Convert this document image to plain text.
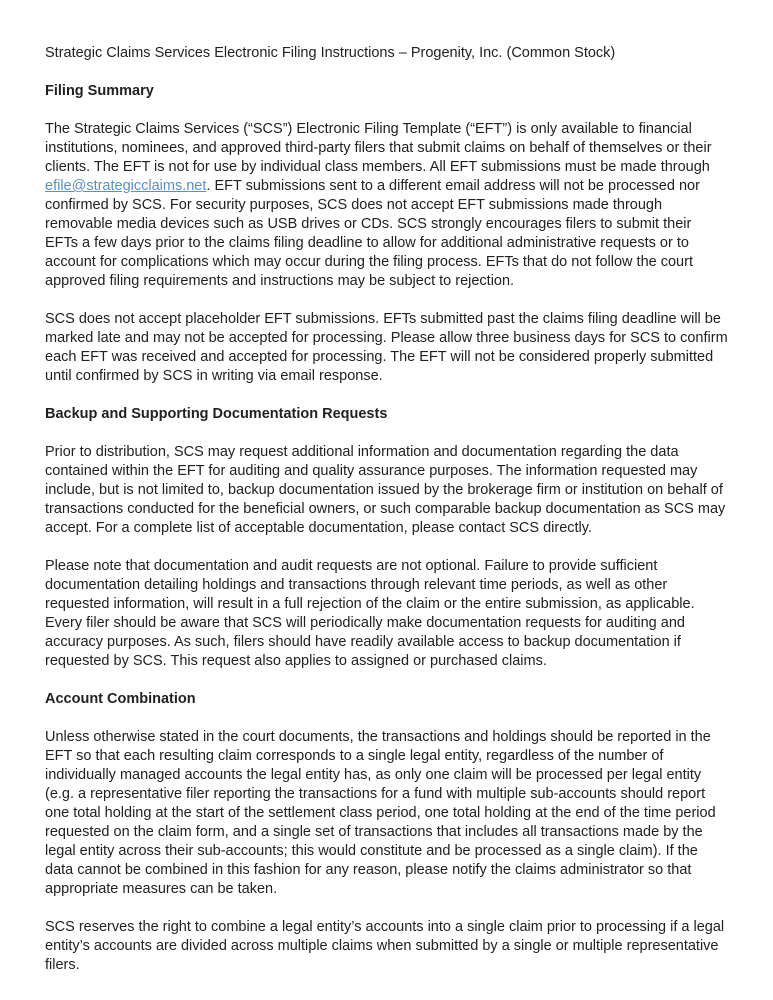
Strategic Claims Services Electronic Filing Instructions – Progenity, Inc. (Common Stock)

Filing Summary

The Strategic Claims Services (“SCS”) Electronic Filing Template (“EFT”) is only available to financial institutions, nominees, and approved third-party filers that submit claims on behalf of themselves or their clients. The EFT is not for use by individual class members. All EFT submissions must be made through efile@strategicclaims.net. EFT submissions sent to a different email address will not be processed nor confirmed by SCS. For security purposes, SCS does not accept EFT submissions made through removable media devices such as USB drives or CDs. SCS strongly encourages filers to submit their EFTs a few days prior to the claims filing deadline to allow for additional administrative requests or to account for complications which may occur during the filing process. EFTs that do not follow the court approved filing requirements and instructions may be subject to rejection.

SCS does not accept placeholder EFT submissions. EFTs submitted past the claims filing deadline will be marked late and may not be accepted for processing. Please allow three business days for SCS to confirm each EFT was received and accepted for processing. The EFT will not be considered properly submitted until confirmed by SCS in writing via email response.

Backup and Supporting Documentation Requests

Prior to distribution, SCS may request additional information and documentation regarding the data contained within the EFT for auditing and quality assurance purposes. The information requested may include, but is not limited to, backup documentation issued by the brokerage firm or institution on behalf of transactions conducted for the beneficial owners, or such comparable backup documentation as SCS may accept. For a complete list of acceptable documentation, please contact SCS directly.

Please note that documentation and audit requests are not optional. Failure to provide sufficient documentation detailing holdings and transactions through relevant time periods, as well as other requested information, will result in a full rejection of the claim or the entire submission, as applicable. Every filer should be aware that SCS will periodically make documentation requests for auditing and accuracy purposes. As such, filers should have readily available access to backup documentation if requested by SCS. This request also applies to assigned or purchased claims.

Account Combination

Unless otherwise stated in the court documents, the transactions and holdings should be reported in the EFT so that each resulting claim corresponds to a single legal entity, regardless of the number of individually managed accounts the legal entity has, as only one claim will be processed per legal entity (e.g. a representative filer reporting the transactions for a fund with multiple sub-accounts should report one total holding at the start of the settlement class period, one total holding at the end of the time period requested on the claim form, and a single set of transactions that includes all transactions made by the legal entity across their sub-accounts; this would constitute and be processed as a single claim). If the data cannot be combined in this fashion for any reason, please notify the claims administrator so that appropriate measures can be taken.

SCS reserves the right to combine a legal entity’s accounts into a single claim prior to processing if a legal entity’s accounts are divided across multiple claims when submitted by a single or multiple representative filers.
